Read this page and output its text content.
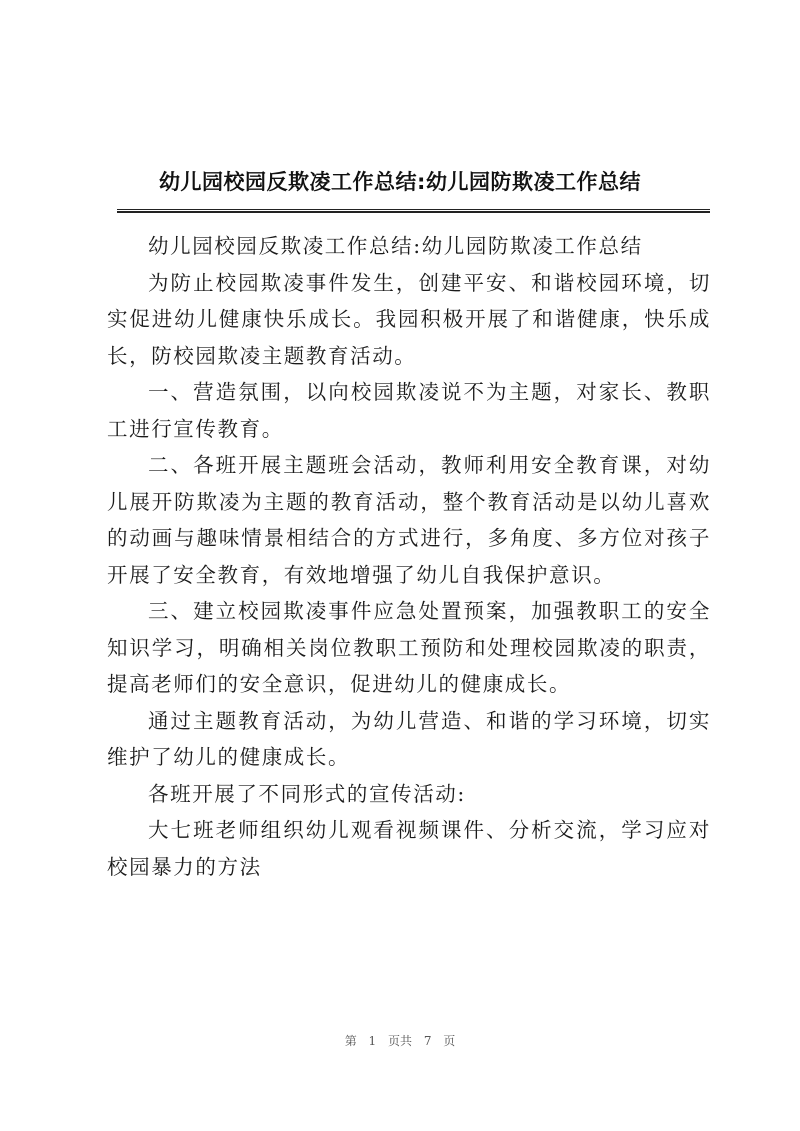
幼儿园校园反欺凌工作总结:幼儿园防欺凌工作总结

幼儿园校园反欺凌工作总结:幼儿园防欺凌工作总结

为防止校园欺凌事件发生，创建平安、和谐校园环境，切实促进幼儿健康快乐成长。我园积极开展了和谐健康，快乐成长，防校园欺凌主题教育活动。

一、营造氛围，以向校园欺凌说不为主题，对家长、教职工进行宣传教育。

二、各班开展主题班会活动，教师利用安全教育课，对幼儿展开防欺凌为主题的教育活动，整个教育活动是以幼儿喜欢的动画与趣味情景相结合的方式进行，多角度、多方位对孩子开展了安全教育，有效地增强了幼儿自我保护意识。

三、建立校园欺凌事件应急处置预案，加强教职工的安全知识学习，明确相关岗位教职工预防和处理校园欺凌的职责，提高老师们的安全意识，促进幼儿的健康成长。

通过主题教育活动，为幼儿营造、和谐的学习环境，切实维护了幼儿的健康成长。

各班开展了不同形式的宣传活动:

大七班老师组织幼儿观看视频课件、分析交流，学习应对校园暴力的方法

第 1 页共 7 页
